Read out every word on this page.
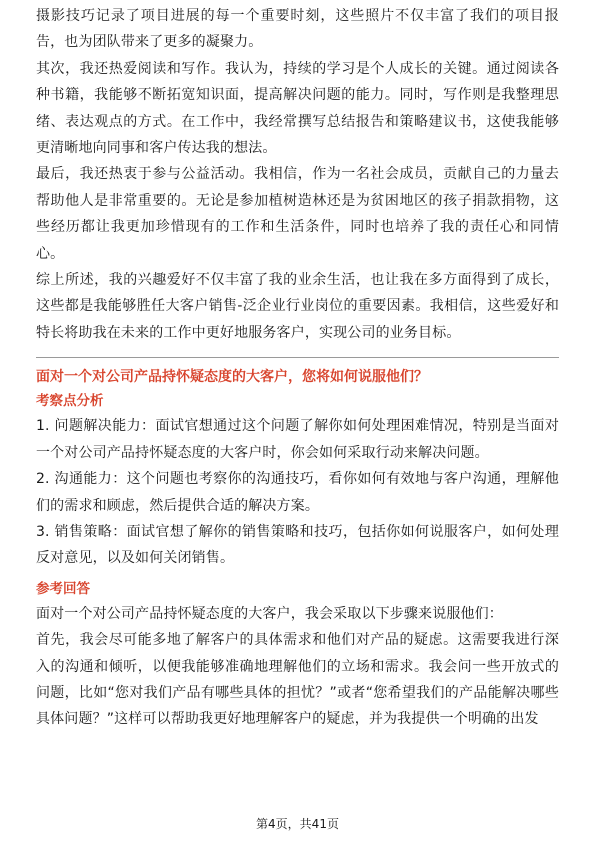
摄影技巧记录了项目进展的每一个重要时刻，这些照片不仅丰富了我们的项目报告，也为团队带来了更多的凝聚力。

其次，我还热爱阅读和写作。我认为，持续的学习是个人成长的关键。通过阅读各种书籍，我能够不断拓宽知识面，提高解决问题的能力。同时，写作则是我整理思绪、表达观点的方式。在工作中，我经常撰写总结报告和策略建议书，这使我能够更清晰地向同事和客户传达我的想法。

最后，我还热衷于参与公益活动。我相信，作为一名社会成员，贡献自己的力量去帮助他人是非常重要的。无论是参加植树造林还是为贫困地区的孩子捐款捐物，这些经历都让我更加珍惜现有的工作和生活条件，同时也培养了我的责任心和同情心。

综上所述，我的兴趣爱好不仅丰富了我的业余生活，也让我在多方面得到了成长，这些都是我能够胜任大客户销售-泛企业行业岗位的重要因素。我相信，这些爱好和特长将助我在未来的工作中更好地服务客户，实现公司的业务目标。

面对一个对公司产品持怀疑态度的大客户，您将如何说服他们？
考察点分析

1. 问题解决能力：面试官想通过这个问题了解你如何处理困难情况，特别是当面对一个对公司产品持怀疑态度的大客户时，你会如何采取行动来解决问题。

2. 沟通能力：这个问题也考察你的沟通技巧，看你如何有效地与客户沟通，理解他们的需求和顾虑，然后提供合适的解决方案。

3. 销售策略：面试官想了解你的销售策略和技巧，包括你如何说服客户，如何处理反对意见，以及如何关闭销售。

参考回答

面对一个对公司产品持怀疑态度的大客户，我会采取以下步骤来说服他们：

首先，我会尽可能多地了解客户的具体需求和他们对产品的疑虑。这需要我进行深入的沟通和倾听，以便我能够准确地理解他们的立场和需求。我会问一些开放式的问题，比如“您对我们产品有哪些具体的担忧？”或者“您希望我们的产品能解决哪些具体问题？”这样可以帮助我更好地理解客户的疑虑，并为我提供一个明确的出发

第4页，共41页
